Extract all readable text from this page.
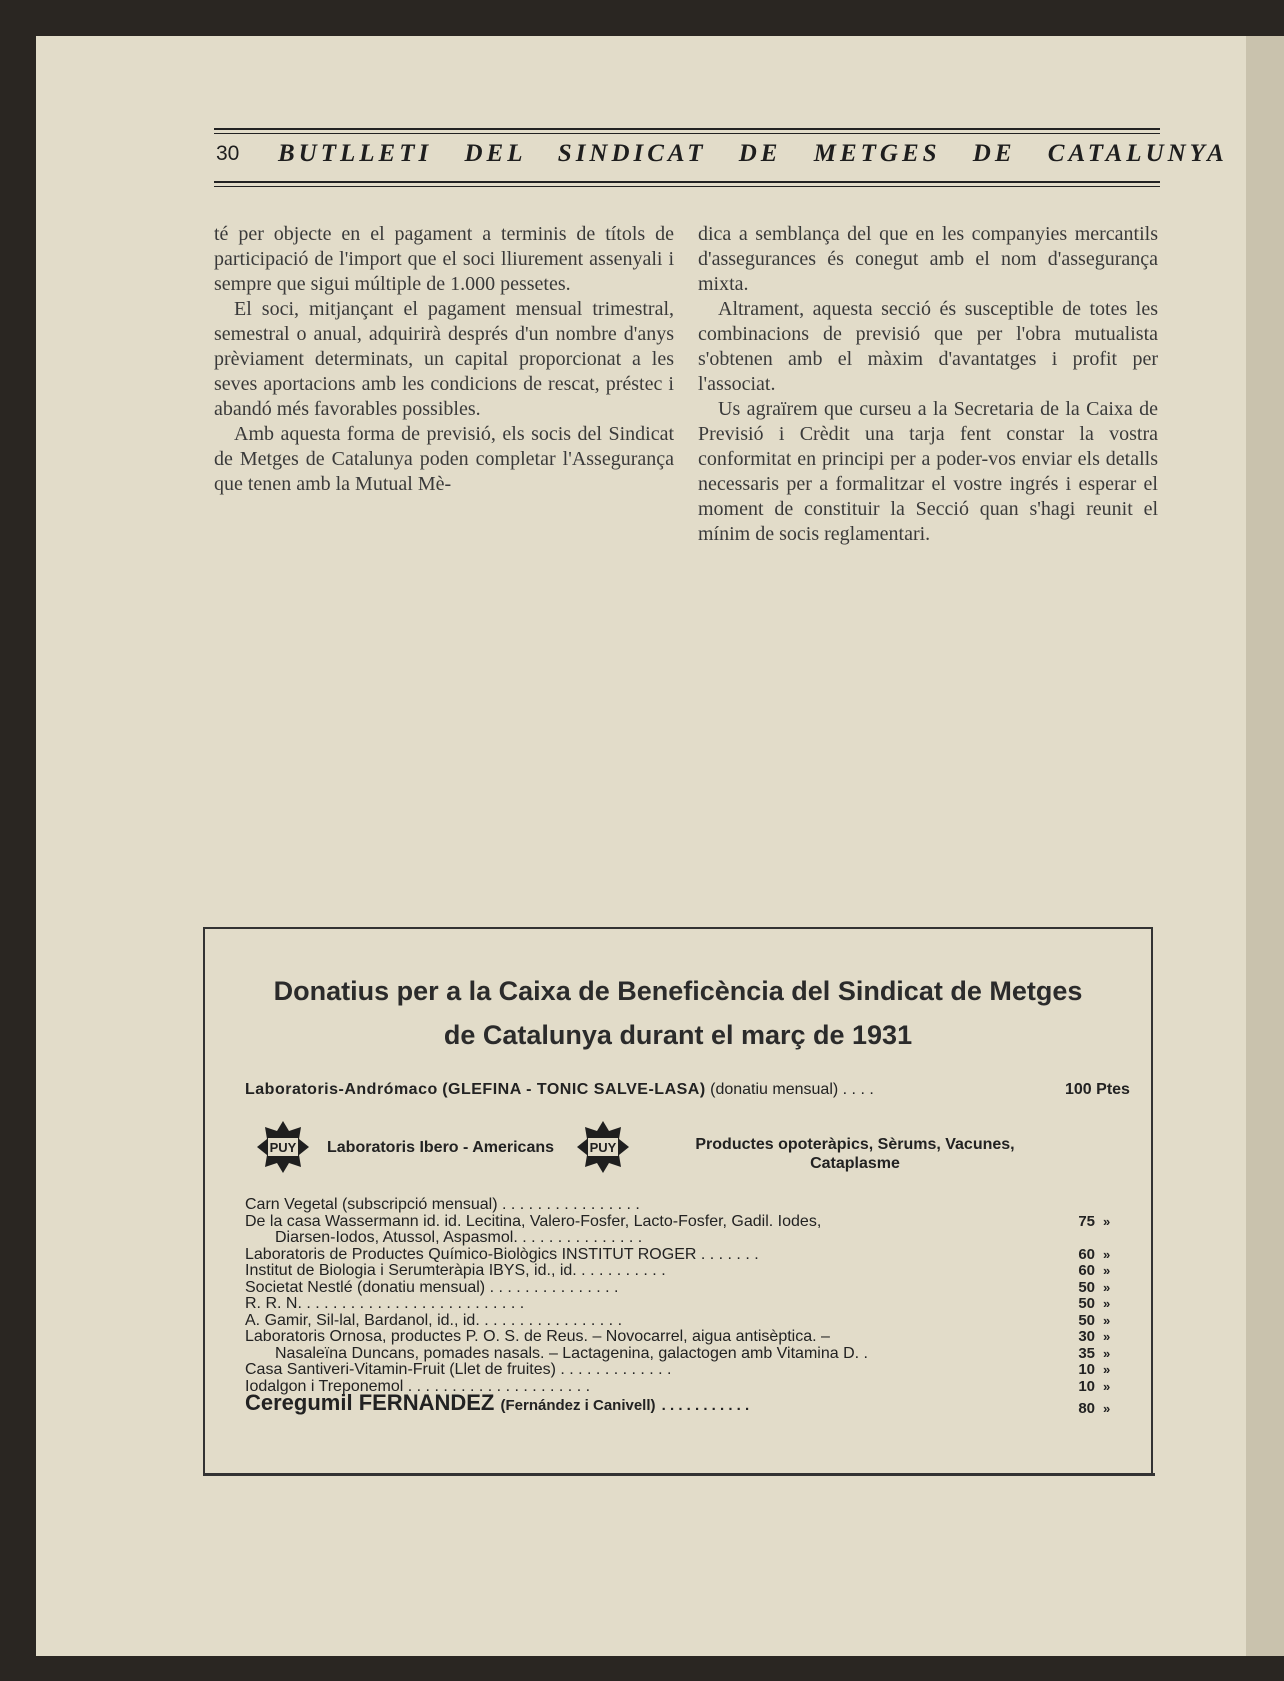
30 BUTLLETI DEL SINDICAT DE METGES DE CATALUNYA

té per objecte en el pagament a terminis de títols de participació de l'import que el soci lliurement assenyali i sempre que sigui múltiple de 1.000 pessetes.

El soci, mitjançant el pagament mensual trimestral, semestral o anual, adquirirà després d'un nombre d'anys prèviament determinats, un capital proporcionat a les seves aportacions amb les condicions de rescat, préstec i abandó més favorables possibles.

Amb aquesta forma de previsió, els socis del Sindicat de Metges de Catalunya poden completar l'Assegurança que tenen amb la Mutual Mè-

dica a semblança del que en les companyies mercantils d'assegurances és conegut amb el nom d'assegurança mixta.

Altrament, aquesta secció és susceptible de totes les combinacions de previsió que per l'obra mutualista s'obtenen amb el màxim d'avantatges i profit per l'associat.

Us agraïrem que curseu a la Secretaria de la Caixa de Previsió i Crèdit una tarja fent constar la vostra conformitat en principi per a poder-vos enviar els detalls necessaris per a formalitzar el vostre ingrés i esperar el moment de constituir la Secció quan s'hagi reunit el mínim de socis reglamentari.

Donatius per a la Caixa de Beneficència del Sindicat de Metges
de Catalunya durant el març de 1931
Laboratoris-Andrómaco (GLEFINA - TONIC SALVE-LASA) (donatiu mensual) . . . .	100 Ptes
PUY Laboratoris Ibero - Americans	PUY	Productes opoteràpics, Sèrums, Vacunes, Cataplasme
Carn Vegetal (subscripció mensual) . . . . . . . . . . . . . . . .
De la casa Wassermann id. id. Lecitina, Valero-Fosfer, Lacto-Fosfer, Gadil. Iodes,	75 »
Diarsen-Iodos, Atussol, Aspasmol. . . . . . . . . . . . . . .
Laboratoris de Productes Químico-Biològics INSTITUT ROGER . . . . . . .	60 »
Institut de Biologia i Serumteràpia IBYS, id., id. . . . . . . . . . .	60 »
Societat Nestlé (donatiu mensual) . . . . . . . . . . . . . . .	50 »
R. R. N. . . . . . . . . . . . . . . . . . . . . . . . . .	50 »
A. Gamir, Sil-lal, Bardanol, id., id. . . . . . . . . . . . . . . . .	50 »
Laboratoris Ornosa, productes P. O. S. de Reus. – Novocarrel, aigua antisèptica. –	30 »
Nasaleïna Duncans, pomades nasals. – Lactagenina, galactogen amb Vitamina D. .	35 »
Casa Santiveri-Vitamin-Fruit (Llet de fruites) . . . . . . . . . . . . .	10 »
Iodalgon i Treponemol . . . . . . . . . . . . . . . . . . . . .	10 »
Ceregumil FERNANDEZ (Fernández i Canivell) . . . . . . . . . . .	80 »
